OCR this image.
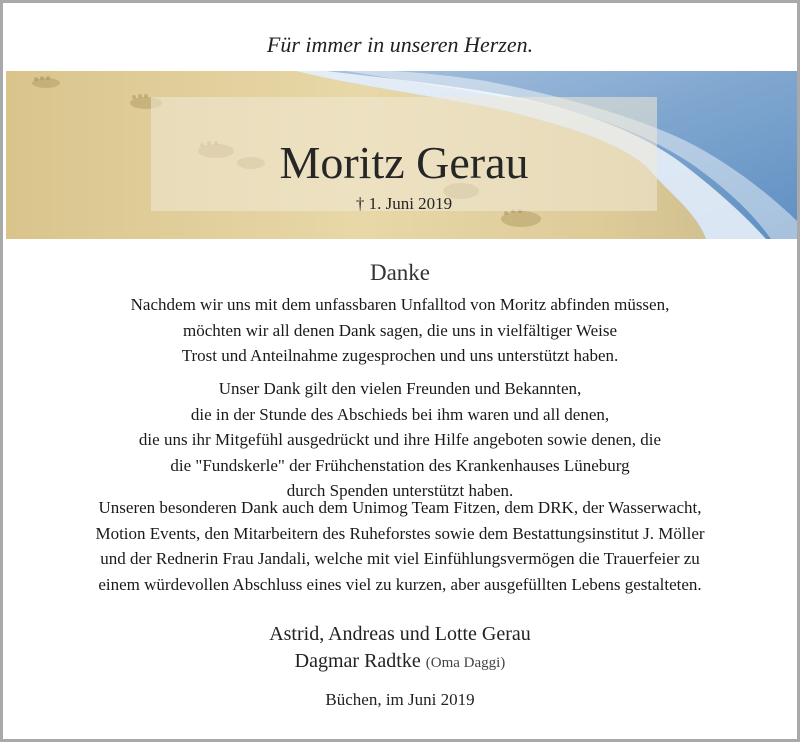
Für immer in unseren Herzen.
Moritz Gerau
† 1. Juni 2019
Danke
Nachdem wir uns mit dem unfassbaren Unfalltod von Moritz abfinden müssen,
möchten wir all denen Dank sagen, die uns in vielfältiger Weise
Trost und Anteilnahme zugesprochen und uns unterstützt haben.
Unser Dank gilt den vielen Freunden und Bekannten,
die in der Stunde des Abschieds bei ihm waren und all denen,
die uns ihr Mitgefühl ausgedrückt und ihre Hilfe angeboten sowie denen, die
die "Fundskerle" der Frühchenstation des Krankenhauses Lüneburg
durch Spenden unterstützt haben.
Unseren besonderen Dank auch dem Unimog Team Fitzen, dem DRK, der Wasserwacht,
Motion Events, den Mitarbeitern des Ruheforstes sowie dem Bestattungsinstitut J. Möller
und der Rednerin Frau Jandali, welche mit viel Einfühlungsvermögen die Trauerfeier zu
einem würdevollen Abschluss eines viel zu kurzen, aber ausgefüllten Lebens gestalteten.
Astrid, Andreas und Lotte Gerau
Dagmar Radtke (Oma Daggi)
Büchen, im Juni 2019
